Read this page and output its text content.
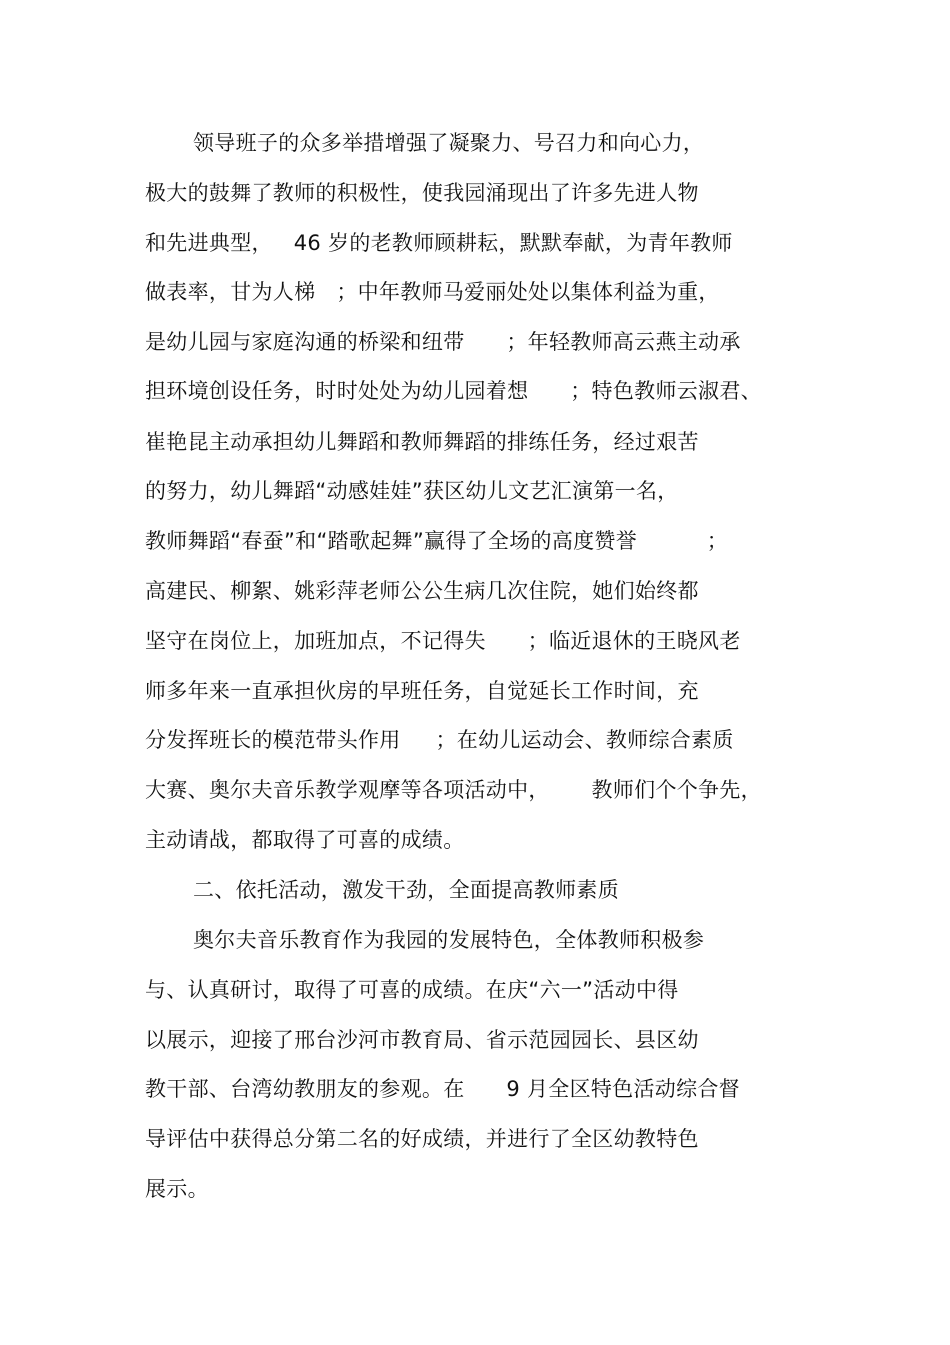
领导班子的众多举措增强了凝聚力、号召力和向心力，

极大的鼓舞了教师的积极性，使我园涌现出了许多先进人物

和先进典型，   46 岁的老教师顾耕耘，默默奉献，为青年教师

做表率，甘为人梯   ；中年教师马爱丽处处以集体利益为重，

是幼儿园与家庭沟通的桥梁和纽带      ；年轻教师高云燕主动承

担环境创设任务，时时处处为幼儿园着想      ；特色教师云淑君、

崔艳昆主动承担幼儿舞蹈和教师舞蹈的排练任务，经过艰苦

的努力，幼儿舞蹈“动感娃娃”获区幼儿文艺汇演第一名，

教师舞蹈“春蚕”和“踏歌起舞”赢得了全场的高度赞誉          ；

高建民、柳絮、姚彩萍老师公公生病几次住院，她们始终都

坚守在岗位上，加班加点，不记得失      ；临近退休的王晓风老

师多年来一直承担伙房的早班任务，自觉延长工作时间，充

分发挥班长的模范带头作用     ；在幼儿运动会、教师综合素质

大赛、奥尔夫音乐教学观摩等各项活动中，      教师们个个争先，

主动请战，都取得了可喜的成绩。

二、依托活动，激发干劲，全面提高教师素质

奥尔夫音乐教育作为我园的发展特色，全体教师积极参

与、认真研讨，取得了可喜的成绩。在庆“六一”活动中得

以展示，迎接了邢台沙河市教育局、省示范园园长、县区幼

教干部、台湾幼教朋友的参观。在      9 月全区特色活动综合督

导评估中获得总分第二名的好成绩，并进行了全区幼教特色

展示。
